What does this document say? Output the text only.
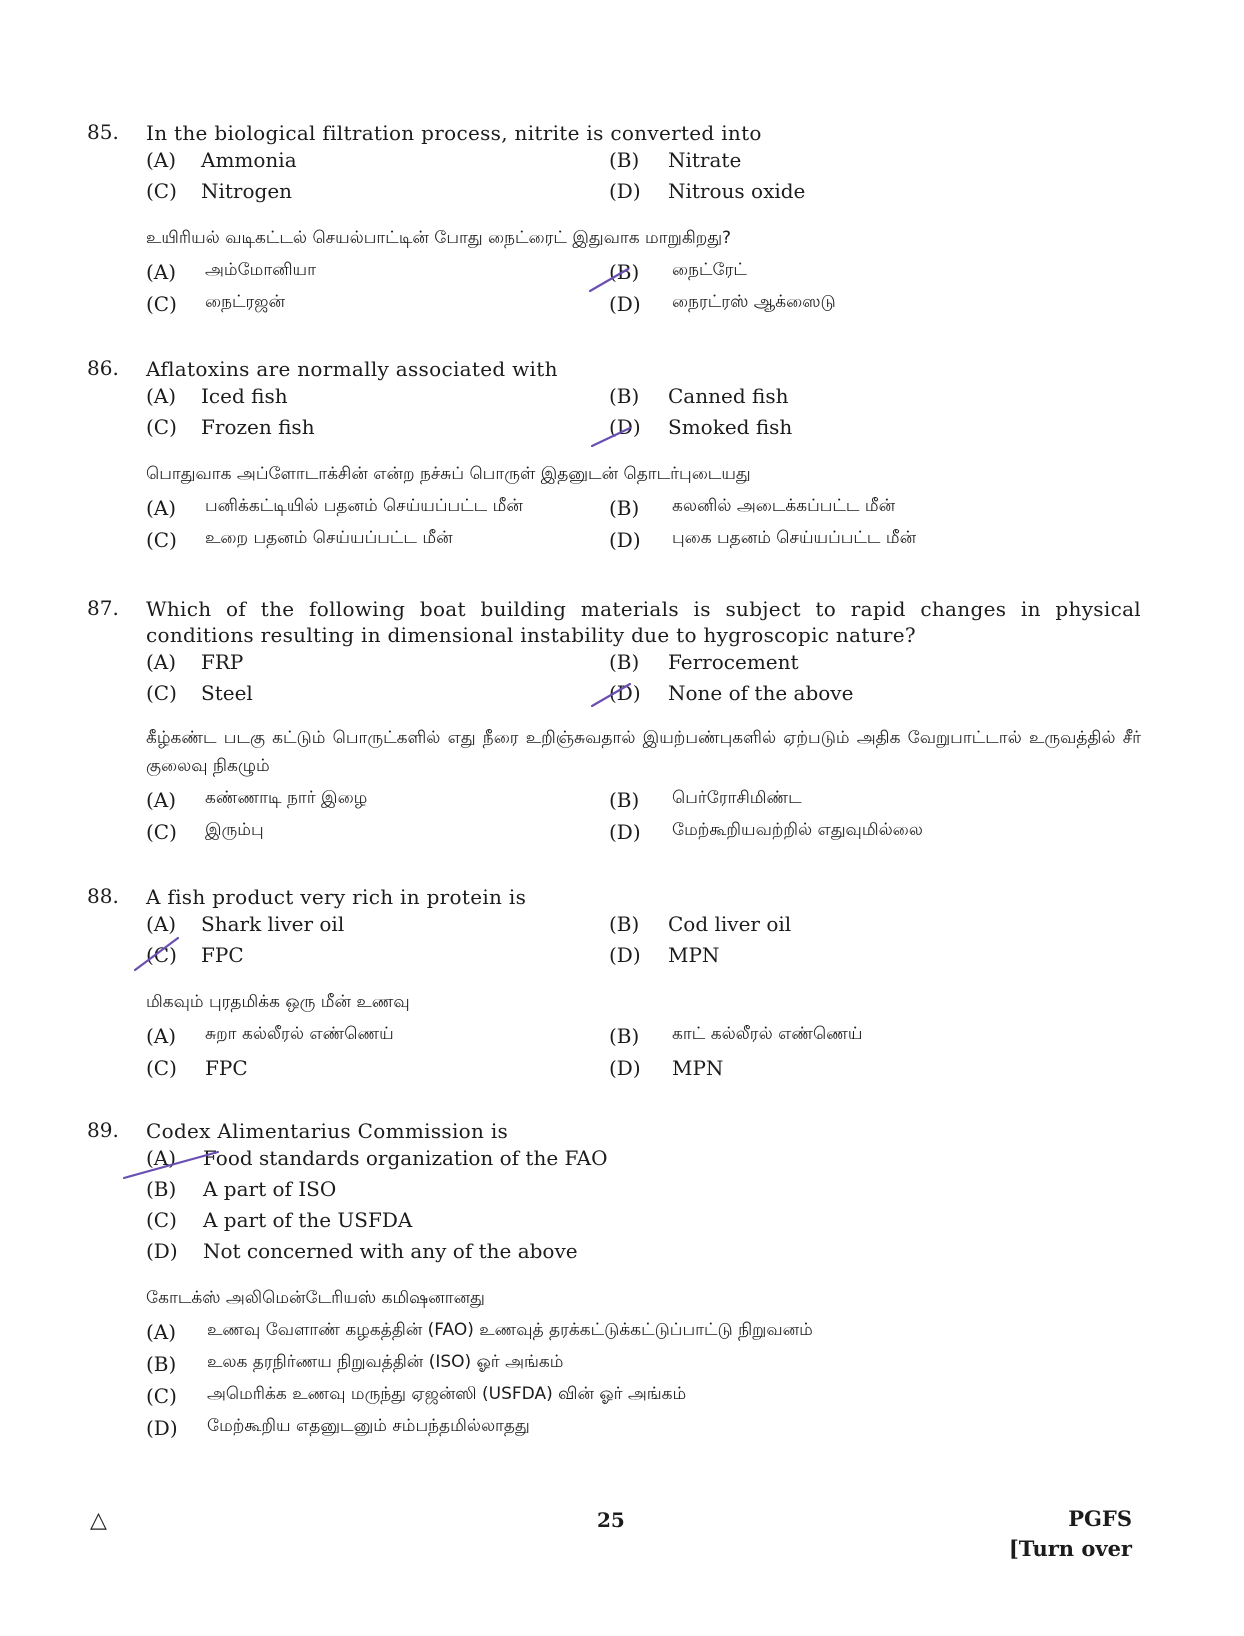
85. In the biological filtration process, nitrite is converted into
(A) Ammonia	(B) Nitrate
(C) Nitrogen	(D) Nitrous oxide
உயிரியல் வடிகட்டல் செயல்பாட்டின் போது நைட்ரைட் இதுவாக மாறுகிறது?
(A) அம்மோனியா	(B) நைட்ரேட்
(C) நைட்ரஜன்	(D) நைரட்ரஸ் ஆக்ஸைடு
86. Aflatoxins are normally associated with
(A) Iced fish	(B) Canned fish
(C) Frozen fish	(D) Smoked fish
பொதுவாக அப்ளோடாக்சின் என்ற நச்சுப் பொருள் இதனுடன் தொடர்புடையது
(A) பனிக்கட்டியில் பதனம் செய்யப்பட்ட மீன்	(B) கலனில் அடைக்கப்பட்ட மீன்
(C) உறை பதனம் செய்யப்பட்ட மீன்	(D) புகை பதனம் செய்யப்பட்ட மீன்
87. Which of the following boat building materials is subject to rapid changes in physical conditions resulting in dimensional instability due to hygroscopic nature?
(A) FRP	(B) Ferrocement
(C) Steel	(D) None of the above
கீழ்கண்ட படகு கட்டும் பொருட்களில் எது நீரை உறிஞ்சுவதால் இயற்பண்புகளில் ஏற்படும் அதிக வேறுபாட்டால் உருவத்தில் சீர் குலைவு நிகழும்
(A) கண்ணாடி நார் இழை	(B) பெர்ரோசிமிண்ட
(C) இரும்பு	(D) மேற்கூறியவற்றில் எதுவுமில்லை
88. A fish product very rich in protein is
(A) Shark liver oil	(B) Cod liver oil
(C) FPC	(D) MPN
மிகவும் புரதமிக்க ஒரு மீன் உணவு
(A) சுறா கல்லீரல் எண்ணெய்	(B) காட் கல்லீரல் எண்ணெய்
(C) FPC	(D) MPN
89. Codex Alimentarius Commission is
(A) Food standards organization of the FAO
(B) A part of ISO
(C) A part of the USFDA
(D) Not concerned with any of the above
கோடக்ஸ் அலிமென்டேரியஸ் கமிஷனானது
(A) உணவு வேளாண் கழகத்தின் (FAO) உணவுத் தரக்கட்டுக்கட்டுப்பாட்டு நிறுவனம்
(B) உலக தரநிர்ணய நிறுவத்தின் (ISO) ஓர் அங்கம்
(C) அமெரிக்க உணவு மருந்து ஏஜன்ஸி (USFDA) வின் ஓர் அங்கம்
(D) மேற்கூறிய எதனுடனும் சம்பந்தமில்லாதது
△	25	PGFS
[Turn over
